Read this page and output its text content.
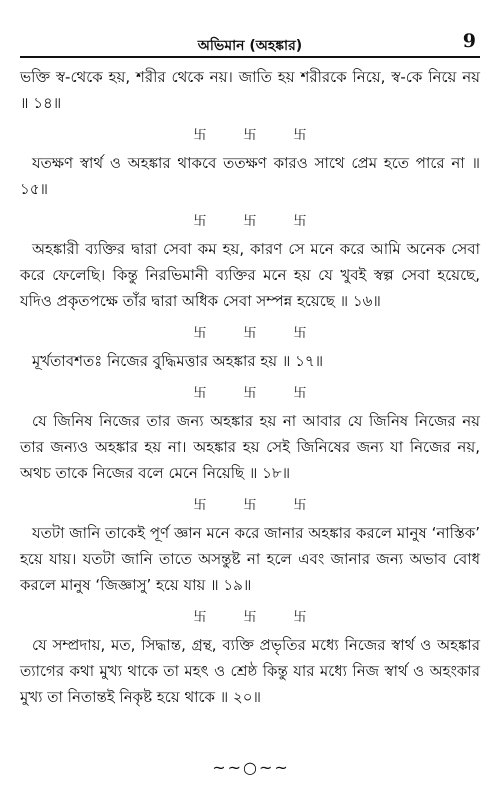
অভিমান (অহঙ্কার)	9

ভক্তি স্ব-থেকে হয়, শরীর থেকে নয়। জাতি হয় শরীরকে নিয়ে, স্ব-কে নিয়ে নয় ॥ ১৪॥

卐	卐	卐

যতক্ষণ স্বার্থ ও অহঙ্কার থাকবে ততক্ষণ কারও সাথে প্রেম হতে পারে না ॥ ১৫॥

卐	卐	卐

অহঙ্কারী ব্যক্তির দ্বারা সেবা কম হয়, কারণ সে মনে করে আমি অনেক সেবা করে ফেলেছি। কিন্তু নিরভিমানী ব্যক্তির মনে হয় যে খুবই স্বল্প সেবা হয়েছে, যদিও প্রকৃতপক্ষে তাঁর দ্বারা অধিক সেবা সম্পন্ন হয়েছে ॥ ১৬॥

卐	卐	卐

মূর্খতাবশতঃ নিজের বুদ্ধিমত্তার অহঙ্কার হয় ॥ ১৭॥

卐	卐	卐

যে জিনিষ নিজের তার জন্য অহঙ্কার হয় না আবার যে জিনিষ নিজের নয় তার জন্যও অহঙ্কার হয় না। অহঙ্কার হয় সেই জিনিষের জন্য যা নিজের নয়, অথচ তাকে নিজের বলে মেনে নিয়েছি ॥ ১৮॥

卐	卐	卐

যতটা জানি তাকেই পূর্ণ জ্ঞান মনে করে জানার অহঙ্কার করলে মানুষ ‘নাস্তিক’ হয়ে যায়। যতটা জানি তাতে অসন্তুষ্ট না হলে এবং জানার জন্য অভাব বোধ করলে মানুষ ‘জিজ্ঞাসু’ হয়ে যায় ॥ ১৯॥

卐	卐	卐

যে সম্প্রদায়, মত, সিদ্ধান্ত, গ্রন্থ, ব্যক্তি প্রভৃতির মধ্যে নিজের স্বার্থ ও অহঙ্কার ত্যাগের কথা মুখ্য থাকে তা মহৎ ও শ্রেষ্ঠ কিন্তু যার মধ্যে নিজ স্বার্থ ও অহংকার মুখ্য তা নিতান্তই নিকৃষ্ট হয়ে থাকে ॥ ২০॥

~~○~~
